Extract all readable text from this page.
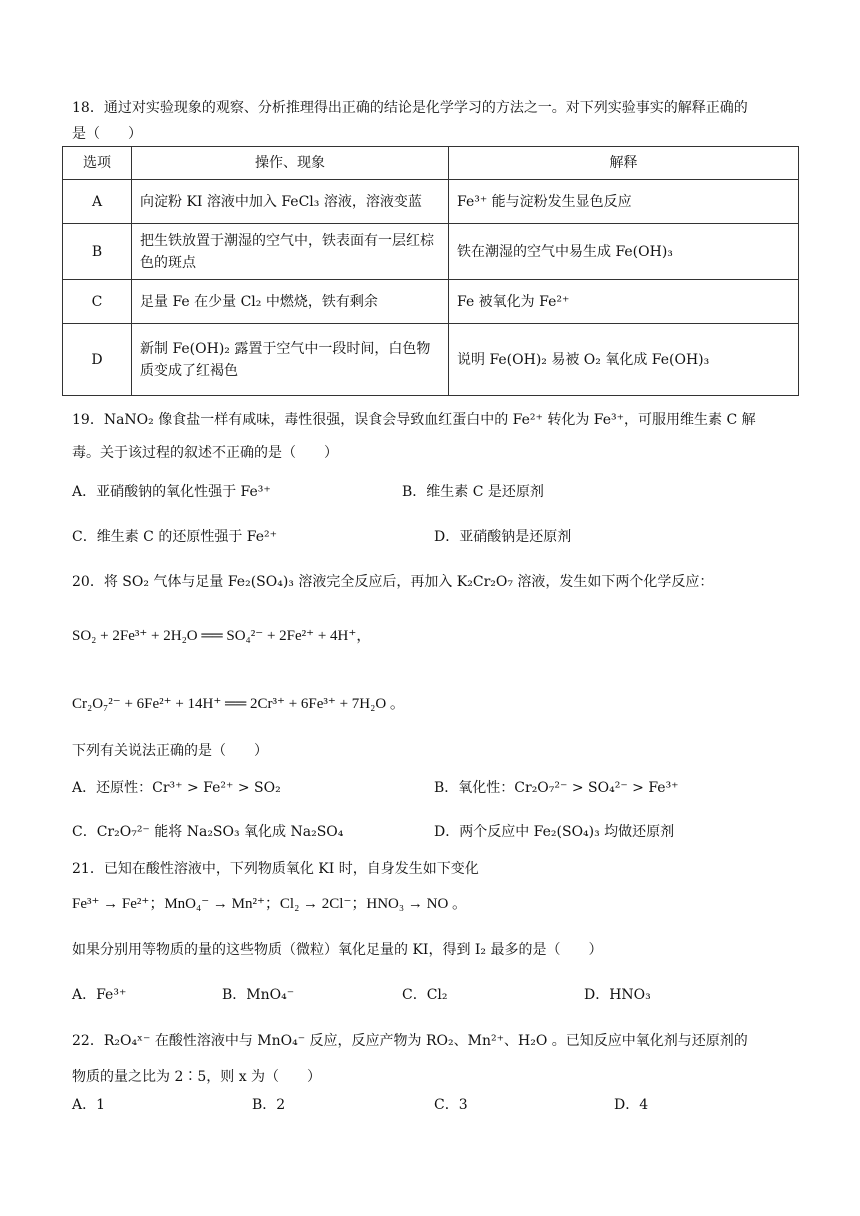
18．通过对实验现象的观察、分析推理得出正确的结论是化学学习的方法之一。对下列实验事实的解释正确的
是（　　）
选项	操作、现象	解释
A	向淀粉 KI 溶液中加入 FeCl₃ 溶液，溶液变蓝	Fe³⁺ 能与淀粉发生显色反应
B	把生铁放置于潮湿的空气中，铁表面有一层红棕色的斑点	铁在潮湿的空气中易生成 Fe(OH)₃
C	足量 Fe 在少量 Cl₂ 中燃烧，铁有剩余	Fe 被氧化为 Fe²⁺
D	新制 Fe(OH)₂ 露置于空气中一段时间，白色物质变成了红褐色	说明 Fe(OH)₂ 易被 O₂ 氧化成 Fe(OH)₃
19．NaNO₂ 像食盐一样有咸味，毒性很强，误食会导致血红蛋白中的 Fe²⁺ 转化为 Fe³⁺，可服用维生素 C 解
毒。关于该过程的叙述不正确的是（　　）
A．亚硝酸钠的氧化性强于 Fe³⁺	B．维生素 C 是还原剂
C．维生素 C 的还原性强于 Fe²⁺	D．亚硝酸钠是还原剂
20．将 SO₂ 气体与足量 Fe₂(SO₄)₃ 溶液完全反应后，再加入 K₂Cr₂O₇ 溶液，发生如下两个化学反应：
SO₂ + 2Fe³⁺ + 2H₂O ══ SO₄²⁻ + 2Fe²⁺ + 4H⁺，
Cr₂O₇²⁻ + 6Fe²⁺ + 14H⁺ ══ 2Cr³⁺ + 6Fe³⁺ + 7H₂O 。
下列有关说法正确的是（　　）
A．还原性：Cr³⁺ > Fe²⁺ > SO₂	B．氧化性：Cr₂O₇²⁻ > SO₄²⁻ > Fe³⁺
C．Cr₂O₇²⁻ 能将 Na₂SO₃ 氧化成 Na₂SO₄	D．两个反应中 Fe₂(SO₄)₃ 均做还原剂
21．已知在酸性溶液中，下列物质氧化 KI 时，自身发生如下变化
Fe³⁺ → Fe²⁺；MnO₄⁻ → Mn²⁺；Cl₂ → 2Cl⁻；HNO₃ → NO 。
如果分别用等物质的量的这些物质（微粒）氧化足量的 KI，得到 I₂ 最多的是（　　）
A．Fe³⁺	B．MnO₄⁻	C．Cl₂	D．HNO₃
22．R₂O₄ˣ⁻ 在酸性溶液中与 MnO₄⁻ 反应，反应产物为 RO₂、Mn²⁺、H₂O 。已知反应中氧化剂与还原剂的
物质的量之比为 2∶5，则 x 为（　　）
A．1	B．2	C．3	D．4
